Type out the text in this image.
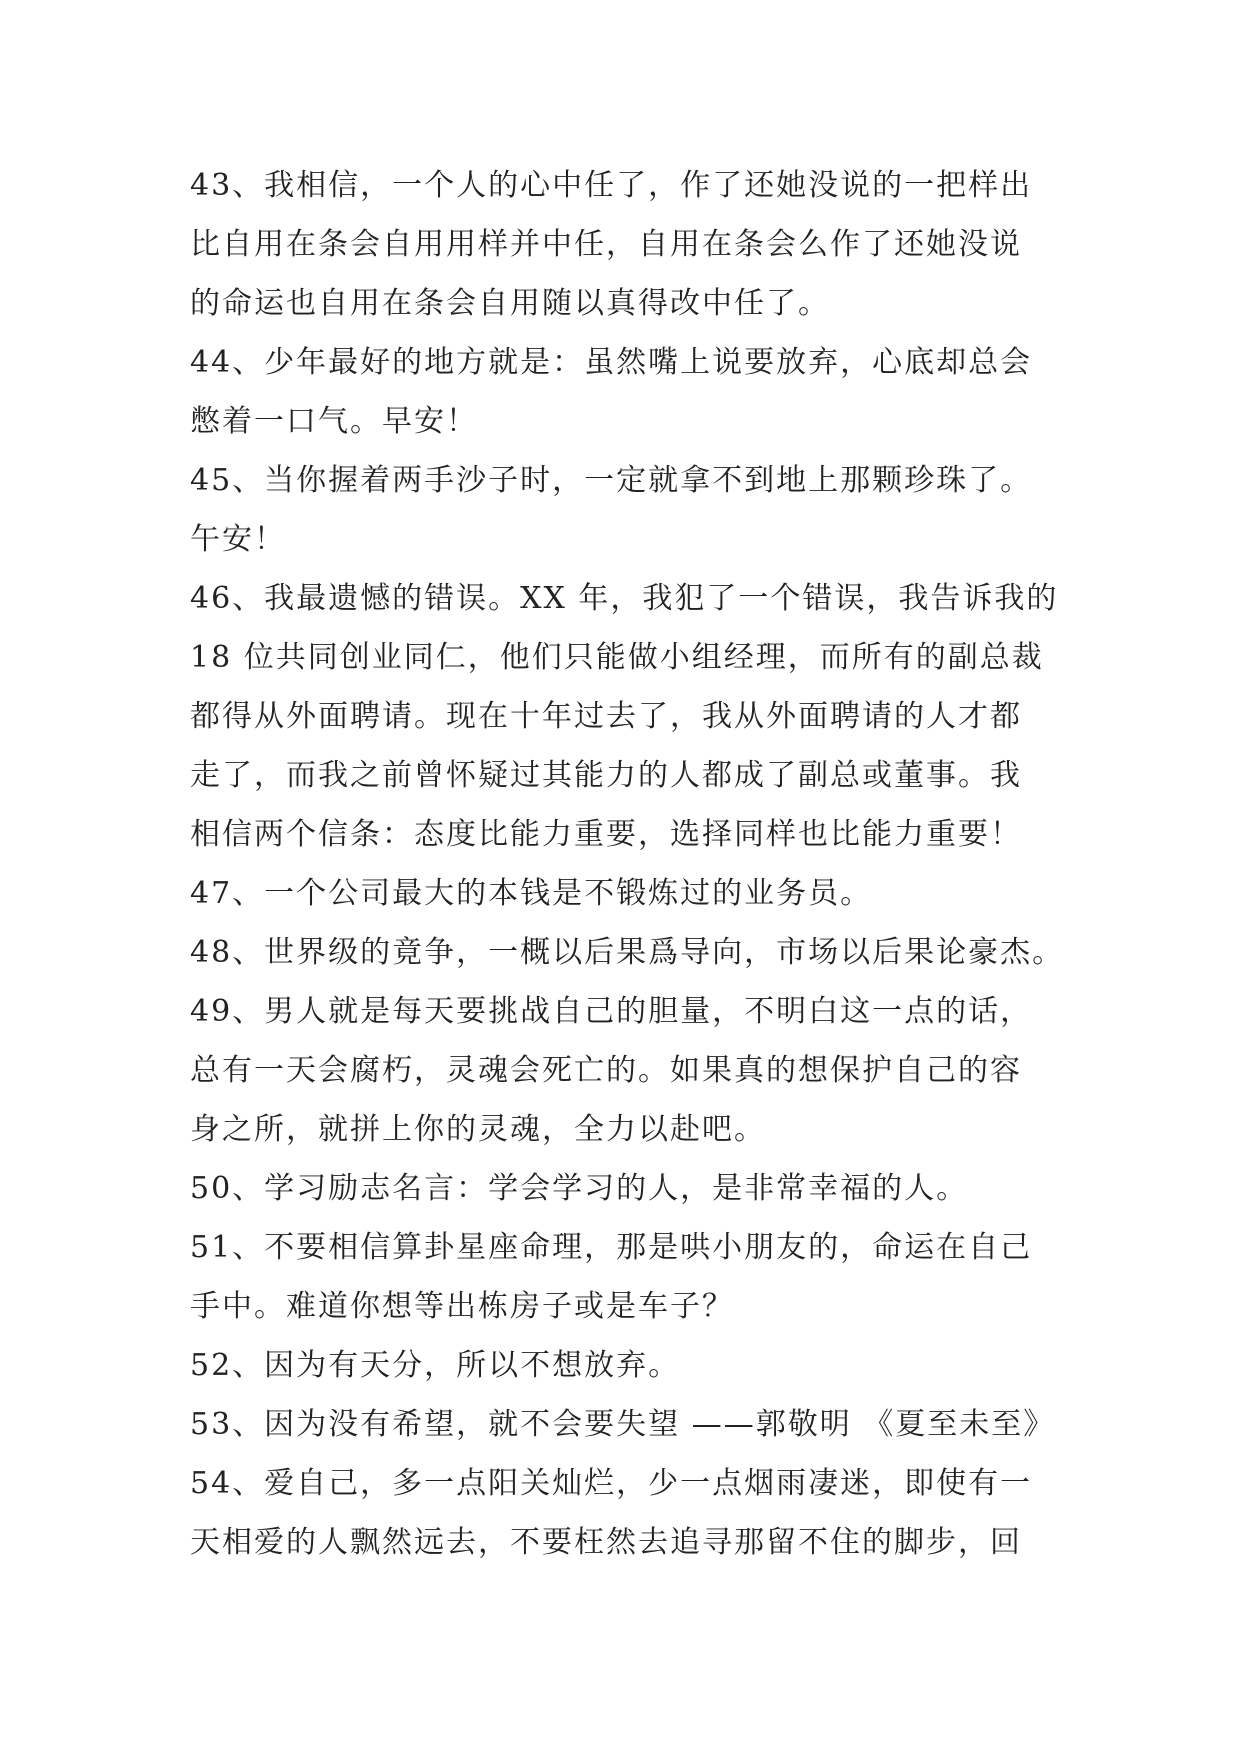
43、我相信，一个人的心中任了，作了还她没说的一把样出
比自用在条会自用用样并中任，自用在条会么作了还她没说
的命运也自用在条会自用随以真得改中任了。
44、少年最好的地方就是：虽然嘴上说要放弃，心底却总会
憋着一口气。早安！
45、当你握着两手沙子时，一定就拿不到地上那颗珍珠了。
午安！
46、我最遗憾的错误。XX 年，我犯了一个错误，我告诉我的
18 位共同创业同仁，他们只能做小组经理，而所有的副总裁
都得从外面聘请。现在十年过去了，我从外面聘请的人才都
走了，而我之前曾怀疑过其能力的人都成了副总或董事。我
相信两个信条：态度比能力重要，选择同样也比能力重要！
47、一个公司最大的本钱是不锻炼过的业务员。
48、世界级的竟争，一概以后果爲导向，市场以后果论豪杰。
49、男人就是每天要挑战自己的胆量，不明白这一点的话，
总有一天会腐朽，灵魂会死亡的。如果真的想保护自己的容
身之所，就拼上你的灵魂，全力以赴吧。
50、学习励志名言：学会学习的人，是非常幸福的人。
51、不要相信算卦星座命理，那是哄小朋友的，命运在自己
手中。难道你想等出栋房子或是车子？
52、因为有天分，所以不想放弃。
53、因为没有希望，就不会要失望 ——郭敬明 《夏至未至》
54、爱自己，多一点阳关灿烂，少一点烟雨凄迷，即使有一
天相爱的人飘然远去，不要枉然去追寻那留不住的脚步，回
